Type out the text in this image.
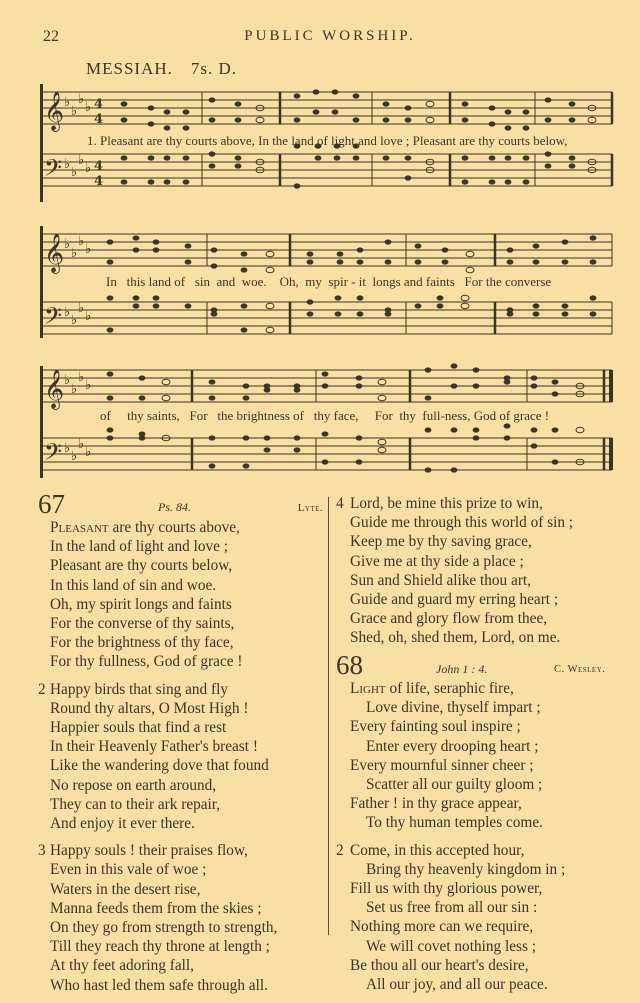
22	PUBLIC WORSHIP.
MESSIAH. 7s. D.
𝄞
𝄢
♭
♭
♭
♭
♭
♭
♭
♭
4
4
4
4
1. Pleasant are thy courts above, In the land of light and love ; Pleasant are thy courts below,
𝄞
𝄢
♭
♭
♭
♭
♭
♭
♭
♭
In   this land of   sin  and  woe.    Oh,  my  spir - it  longs and faints   For the converse
𝄞
𝄢
♭
♭
♭
♭
♭
♭
♭
♭
of     thy saints,   For   the brightness of   thy face,     For  thy  full-ness, God of grace !
67	Ps. 84.	Lyte.
Pleasant are thy courts above,
In the land of light and love ;
Pleasant are thy courts below,
In this land of sin and woe.
Oh, my spirit longs and faints
For the converse of thy saints,
For the brightness of thy face,
For thy fullness, God of grace !
2 Happy birds that sing and fly
Round thy altars, O Most High !
Happier souls that find a rest
In their Heavenly Father's breast !
Like the wandering dove that found
No repose on earth around,
They can to their ark repair,
And enjoy it ever there.
3 Happy souls ! their praises flow,
Even in this vale of woe ;
Waters in the desert rise,
Manna feeds them from the skies ;
On they go from strength to strength,
Till they reach thy throne at length ;
At thy feet adoring fall,
Who hast led them safe through all.
4 Lord, be mine this prize to win,
Guide me through this world of sin ;
Keep me by thy saving grace,
Give me at thy side a place ;
Sun and Shield alike thou art,
Guide and guard my erring heart ;
Grace and glory flow from thee,
Shed, oh, shed them, Lord, on me.
68	John 1 : 4.	C. Wesley.
Light of life, seraphic fire,
Love divine, thyself impart ;
Every fainting soul inspire ;
Enter every drooping heart ;
Every mournful sinner cheer ;
Scatter all our guilty gloom ;
Father ! in thy grace appear,
To thy human temples come.
2 Come, in this accepted hour,
Bring thy heavenly kingdom in ;
Fill us with thy glorious power,
Set us free from all our sin :
Nothing more can we require,
We will covet nothing less ;
Be thou all our heart's desire,
All our joy, and all our peace.
